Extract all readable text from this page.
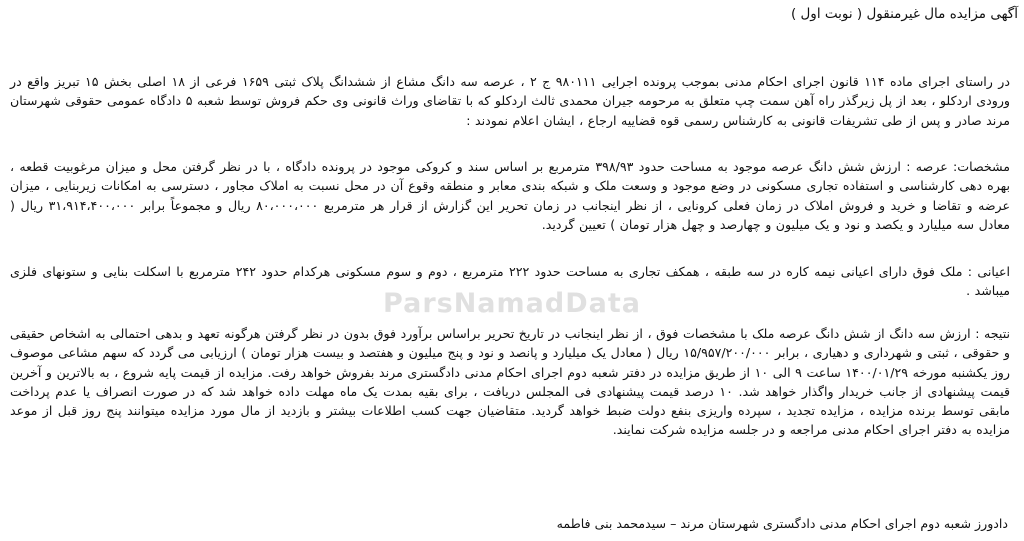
آگهی مزایده مال غیرمنقول ( نوبت اول )
در راستای اجرای ماده ۱۱۴ قانون اجرای احکام مدنی بموجب پرونده اجرایی ۹۸۰۱۱۱ ج ۲ ، عرصه سه دانگ مشاع از ششدانگ پلاک ثبتی ۱۶۵۹ فرعی از ۱۸ اصلی بخش ۱۵ تبریز واقع در ورودی اردکلو ، بعد از پل زیرگذر راه آهن سمت چپ متعلق به مرحومه جیران محمدی ثالث اردکلو که با تقاضای وراث قانونی وی حکم فروش توسط شعبه ۵ دادگاه عمومی حقوقی شهرستان مرند صادر و پس از طی تشریفات قانونی به کارشناس رسمی قوه قضاییه ارجاع ، ایشان اعلام نمودند :
مشخصات: عرصه : ارزش شش دانگ عرصه موجود به مساحت حدود ۳۹۸/۹۳ مترمربع بر اساس سند و کروکی موجود در پرونده دادگاه ، با در نظر گرفتن محل و میزان مرغوبیت قطعه ، بهره دهی کارشناسی و استفاده تجاری مسکونی در وضع موجود و وسعت ملک و شبکه بندی معابر و منطقه وقوع آن در محل نسبت به املاک مجاور ، دسترسی به امکانات زیربنایی ، میزان عرضه و تقاضا و خرید و فروش املاک در زمان فعلی کرونایی ، از نظر اینجانب در زمان تحریر این گزارش از قرار هر مترمربع ۸۰،۰۰۰،۰۰۰ ریال و مجموعاً برابر ۳۱،۹۱۴،۴۰۰،۰۰۰ ریال ( معادل سه میلیارد و یکصد و نود و یک میلیون و چهارصد و چهل هزار تومان ) تعیین گردید.
اعیانی : ملک فوق دارای اعیانی نیمه کاره در سه طبقه ، همکف تجاری به مساحت حدود ۲۲۲ مترمربع ، دوم و سوم مسکونی هرکدام حدود ۲۴۲ مترمربع با اسکلت بنایی و ستونهای فلزی میباشد .
نتیجه : ارزش سه دانگ از شش دانگ عرصه ملک با مشخصات فوق ، از نظر اینجانب در تاریخ تحریر براساس برآورد فوق بدون در نظر گرفتن هرگونه تعهد و بدهی احتمالی به اشخاص حقیقی و حقوقی ، ثبتی و شهرداری و دهیاری ، برابر ۱۵/۹۵۷/۲۰۰/۰۰۰ ریال ( معادل یک میلیارد و پانصد و نود و پنج میلیون و هفتصد و بیست هزار تومان ) ارزیابی می گردد که سهم مشاعی موصوف روز یکشنبه مورخه ۱۴۰۰/۰۱/۲۹ ساعت ۹ الی ۱۰ از طریق مزایده در دفتر شعبه دوم اجرای احکام مدنی دادگستری مرند بفروش خواهد رفت. مزایده از قیمت پایه شروع ، به بالاترین و آخرین قیمت پیشنهادی از جانب خریدار واگذار خواهد شد. ۱۰ درصد قیمت پیشنهادی فی المجلس دریافت ، برای بقیه بمدت یک ماه مهلت داده خواهد شد که در صورت انصراف یا عدم پرداخت مابقی توسط برنده مزایده ، مزایده تجدید ، سپرده واریزی بنفع دولت ضبط خواهد گردید. متقاضیان جهت کسب اطلاعات بیشتر و بازدید از مال مورد مزایده میتوانند پنج روز قبل از موعد مزایده به دفتر اجرای احکام مدنی مراجعه و در جلسه مزایده شرکت نمایند.
دادورز شعبه دوم اجرای احکام مدنی دادگستری شهرستان مرند – سیدمحمد بنی فاطمه
ParsNamadData
